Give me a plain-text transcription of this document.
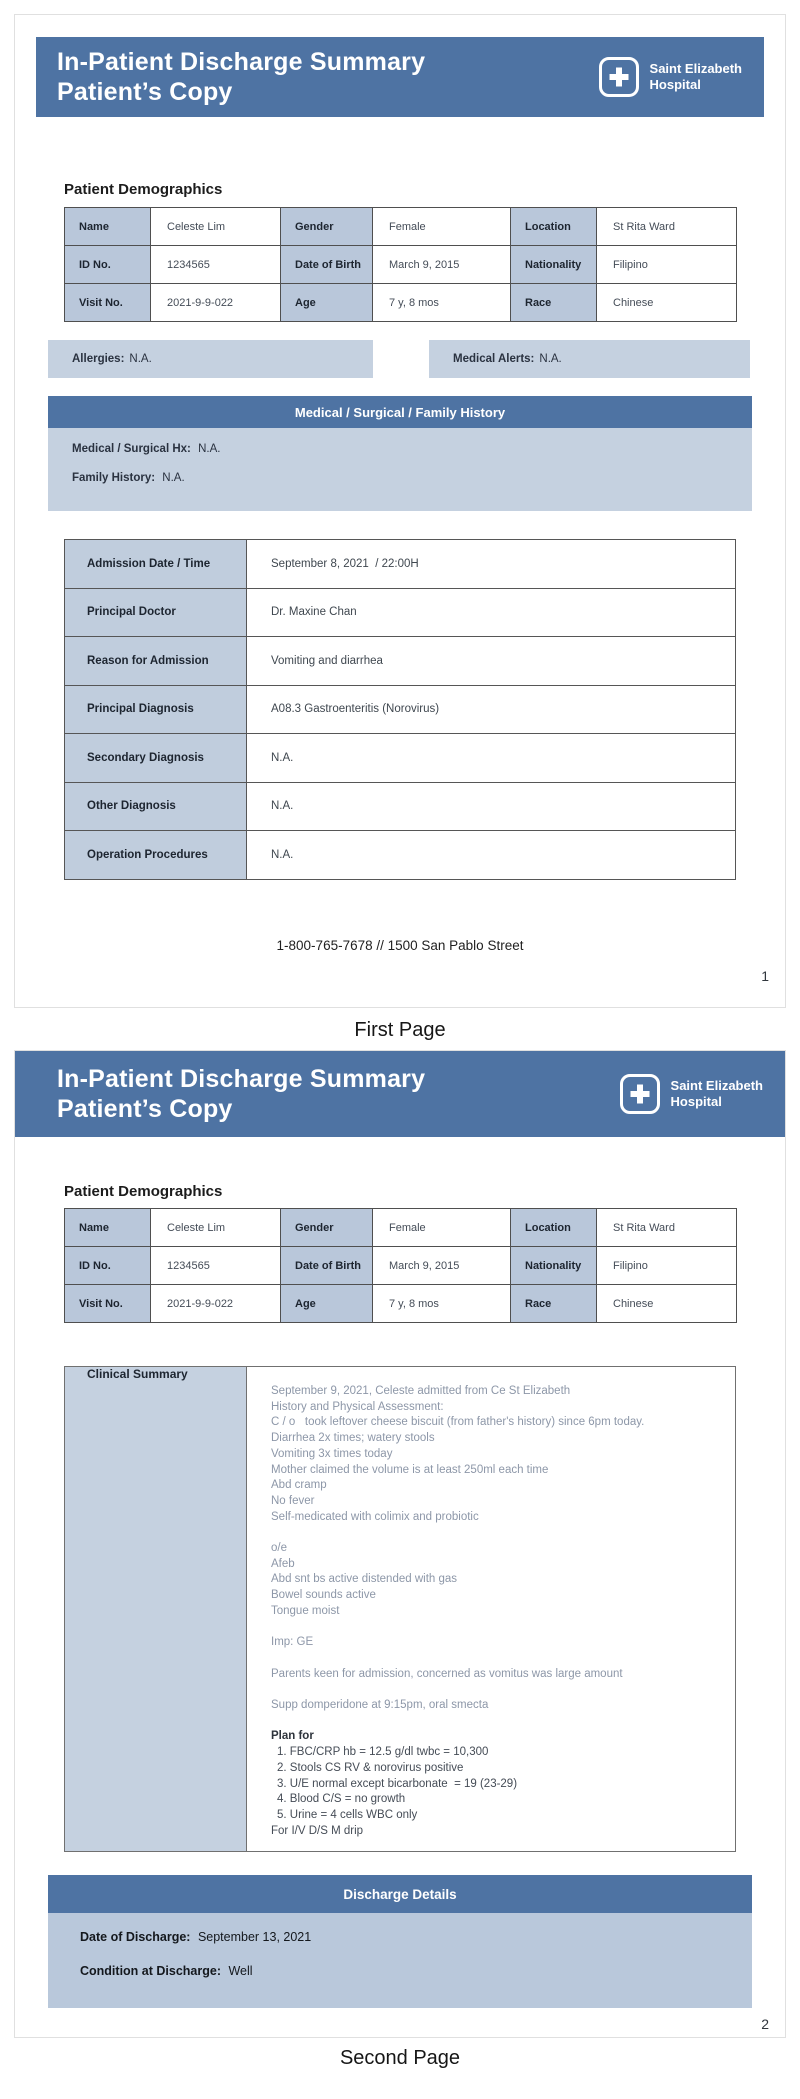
In-Patient Discharge Summary
Patient’s Copy
Saint Elizabeth
Hospital
Patient Demographics
Name	Celeste Lim	Gender	Female	Location	St Rita Ward
ID No.	1234565	Date of Birth	March 9, 2015	Nationality	Filipino
Visit No.	2021-9-9-022	Age	7 y, 8 mos	Race	Chinese
Allergies: N.A.	Medical Alerts: N.A.
Medical / Surgical / Family History
Medical / Surgical Hx: N.A.
Family History: N.A.
Admission Date / Time	September 8, 2021  / 22:00H
Principal Doctor	Dr. Maxine Chan
Reason for Admission	Vomiting and diarrhea
Principal Diagnosis	A08.3 Gastroenteritis (Norovirus)
Secondary Diagnosis	N.A.
Other Diagnosis	N.A.
Operation Procedures	N.A.
1-800-765-7678 // 1500 San Pablo Street
1
First Page
In-Patient Discharge Summary
Patient’s Copy
Saint Elizabeth
Hospital
Patient Demographics
Name	Celeste Lim	Gender	Female	Location	St Rita Ward
ID No.	1234565	Date of Birth	March 9, 2015	Nationality	Filipino
Visit No.	2021-9-9-022	Age	7 y, 8 mos	Race	Chinese
Clinical Summary	
September 9, 2021, Celeste admitted from Ce St Elizabeth
History and Physical Assessment:
C / o   took leftover cheese biscuit (from father's history) since 6pm today.
Diarrhea 2x times; watery stools
Vomiting 3x times today
Mother claimed the volume is at least 250ml each time
Abd cramp
No fever
Self-medicated with colimix and probiotic
o/e
Afeb
Abd snt bs active distended with gas
Bowel sounds active
Tongue moist
Imp: GE
Parents keen for admission, concerned as vomitus was large amount
Supp domperidone at 9:15pm, oral smecta
Plan for
1. FBC/CRP hb = 12.5 g/dl twbc = 10,300
2. Stools CS RV & norovirus positive
3. U/E normal except bicarbonate  = 19 (23-29)
4. Blood C/S = no growth
5. Urine = 4 cells WBC only
For I/V D/S M drip
Discharge Details
Date of Discharge: September 13, 2021
Condition at Discharge: Well
2
Second Page
